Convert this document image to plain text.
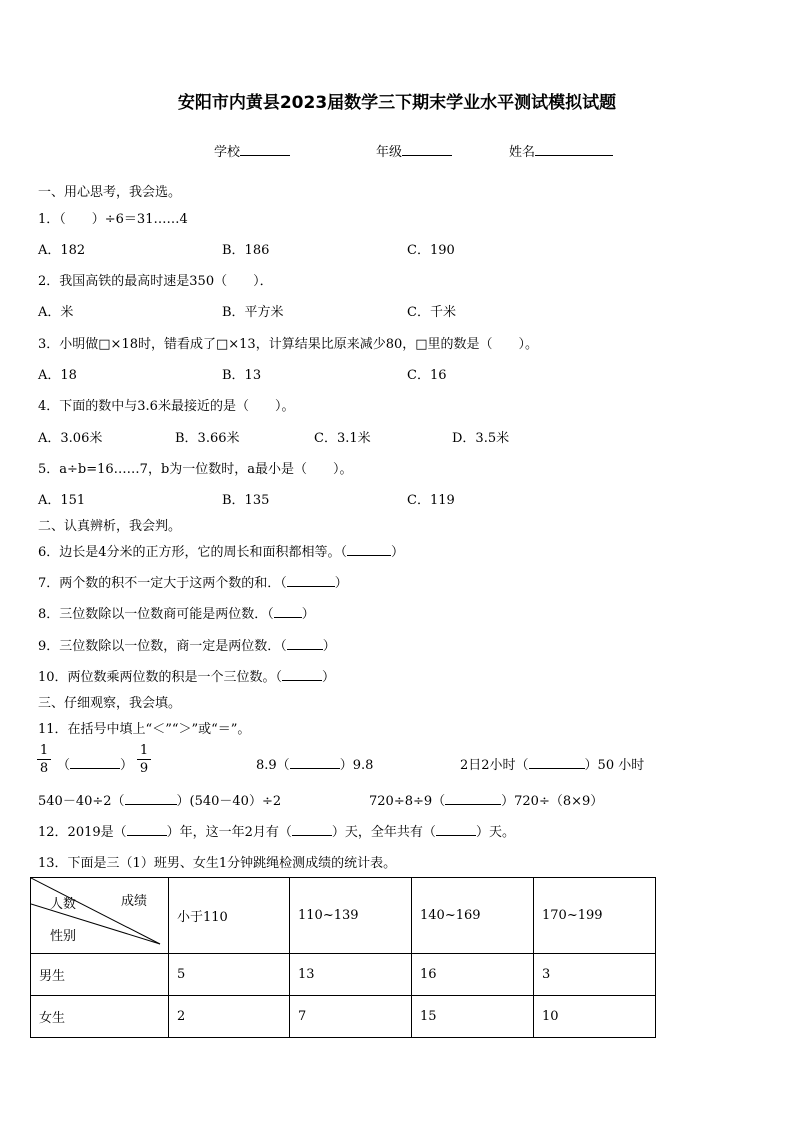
安阳市内黄县2023届数学三下期末学业水平测试模拟试题
学校	年级	姓名
一、用心思考，我会选。
1．（　　）÷6＝31……4
A．182	B．186	C．190
2．我国高铁的最高时速是350（　　）．
A．米	B．平方米	C．千米
3．小明做□×18时，错看成了□×13，计算结果比原来减少80，□里的数是（　　）。
A．18	B．13	C．16
4．下面的数中与3.6米最接近的是（　　）。
A．3.06米	B．3.66米	C．3.1米	D．3.5米
5．a÷b=16……7，b为一位数时，a最小是（　　）。
A．151	B．135	C．119
二、认真辨析，我会判。
6．边长是4分米的正方形，它的周长和面积都相等。（	）
7．两个数的积不一定大于这两个数的和．（	）
8．三位数除以一位数商可能是两位数．（ ）
9．三位数除以一位数，商一定是两位数．（	）
10．两位数乘两位数的积是一个三位数。（	）
三、仔细观察，我会填。
11．在括号中填上“＜”“＞”或“＝”。
1
8 （	）
1
9	8.9（	）9.8	2日2小时（	）50 小时
540－40÷2（	）(540－40）÷2	720÷8÷9（	）720÷（8×9）
12．2019是（	）年，这一年2月有（	）天，全年共有（	）天。
13．下面是三（1）班男、女生1分钟跳绳检测成绩的统计表。
成绩
人数
性别	小于110	110~139	140~169	170~199
男生	5	13	16	3
女生	2	7	15	10
